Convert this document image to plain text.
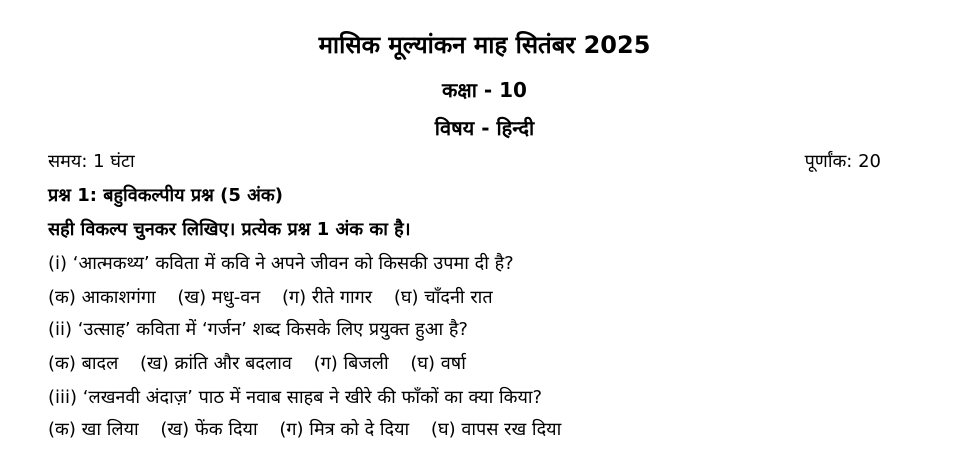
मासिक मूल्यांकन माह सितंबर 2025
कक्षा - 10
विषय - हिन्दी
समय: 1 घंटा	पूर्णांक: 20
प्रश्न 1: बहुविकल्पीय प्रश्न (5 अंक)
सही विकल्प चुनकर लिखिए। प्रत्येक प्रश्न 1 अंक का है।
(i) ‘आत्मकथ्य’ कविता में कवि ने अपने जीवन को किसकी उपमा दी है?
(क) आकाशगंगा (ख) मधु-वन (ग) रीते गागर (घ) चाँदनी रात
(ii) ‘उत्साह’ कविता में ‘गर्जन’ शब्द किसके लिए प्रयुक्त हुआ है?
(क) बादल (ख) क्रांति और बदलाव (ग) बिजली (घ) वर्षा
(iii) ‘लखनवी अंदाज़’ पाठ में नवाब साहब ने खीरे की फाँकों का क्या किया?
(क) खा लिया (ख) फेंक दिया (ग) मित्र को दे दिया (घ) वापस रख दिया
